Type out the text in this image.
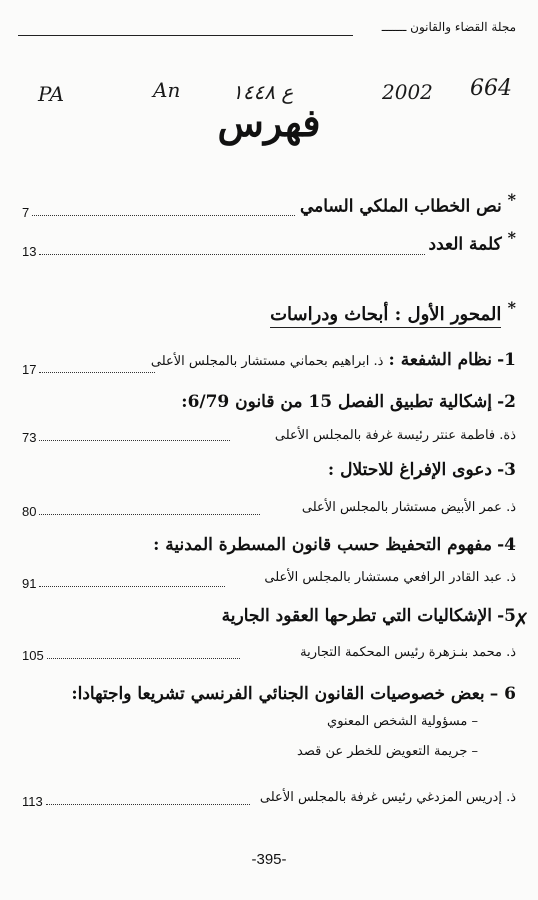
مجلة القضاء والقانون ـــــــ
PA	An	ع ١٤٤٨	2002 664
فهرس
* نص الخطاب الملكي السامي
7
* كلمة العدد
13
* المحور الأول : أبحاث ودراسات
1- نظام الشفعة : ذ. ابراهيم بحماني مستشار بالمجلس الأعلى
17
2- إشكالية تطبيق الفصل 15 من قانون 6/79:
ذة. فاطمة عنتر رئيسة غرفة بالمجلس الأعلى
73
3- دعوى الإفراغ للاحتلال :
ذ. عمر الأبيض مستشار بالمجلس الأعلى
80
4- مفهوم التحفيظ حسب قانون المسطرة المدنية :
ذ. عبد القادر الرافعي مستشار بالمجلس الأعلى
91
✗
5- الإشكاليات التي تطرحها العقود الجارية
ذ. محمد بنـزهرة رئيس المحكمة التجارية
105
6 – بعض خصوصيات القانون الجنائي الفرنسي تشريعا واجتهادا:
– مسؤولية الشخص المعنوي
– جريمة التعويض للخطر عن قصد
ذ. إدريس المزدغي رئيس غرفة بالمجلس الأعلى
113
-395-
